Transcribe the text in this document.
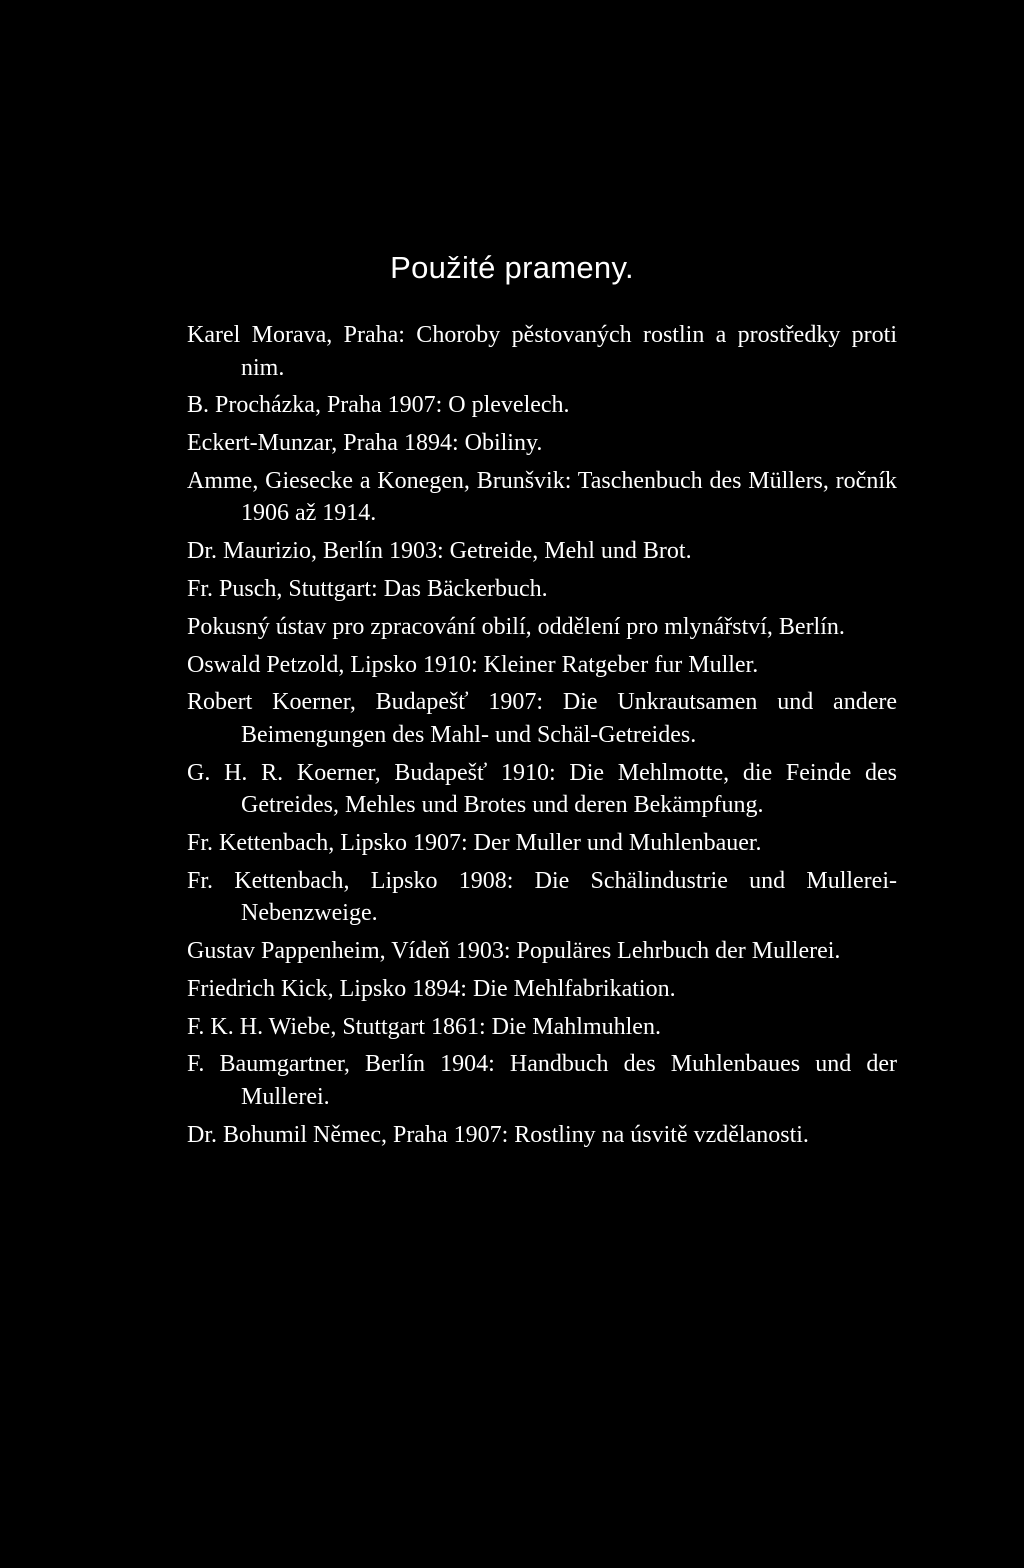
Použité prameny.
Karel Morava, Praha: Choroby pěstovaných rostlin a prostředky proti nim.
B. Procházka, Praha 1907: O plevelech.
Eckert-Munzar, Praha 1894: Obiliny.
Amme, Giesecke a Konegen, Brunšvik: Taschenbuch des Müllers, ročník 1906 až 1914.
Dr. Maurizio, Berlín 1903: Getreide, Mehl und Brot.
Fr. Pusch, Stuttgart: Das Bäckerbuch.
Pokusný ústav pro zpracování obilí, oddělení pro mlynářství, Berlín.
Oswald Petzold, Lipsko 1910: Kleiner Ratgeber fur Muller.
Robert Koerner, Budapešť 1907: Die Unkrautsamen und andere Beimengungen des Mahl- und Schäl-Getreides.
G. H. R. Koerner, Budapešť 1910: Die Mehlmotte, die Feinde des Getreides, Mehles und Brotes und deren Bekämpfung.
Fr. Kettenbach, Lipsko 1907: Der Muller und Muhlenbauer.
Fr. Kettenbach, Lipsko 1908: Die Schälindustrie und Mullerei-Nebenzweige.
Gustav Pappenheim, Vídeň 1903: Populäres Lehrbuch der Mullerei.
Friedrich Kick, Lipsko 1894: Die Mehlfabrikation.
F. K. H. Wiebe, Stuttgart 1861: Die Mahlmuhlen.
F. Baumgartner, Berlín 1904: Handbuch des Muhlenbaues und der Mullerei.
Dr. Bohumil Němec, Praha 1907: Rostliny na úsvitě vzdělanosti.
